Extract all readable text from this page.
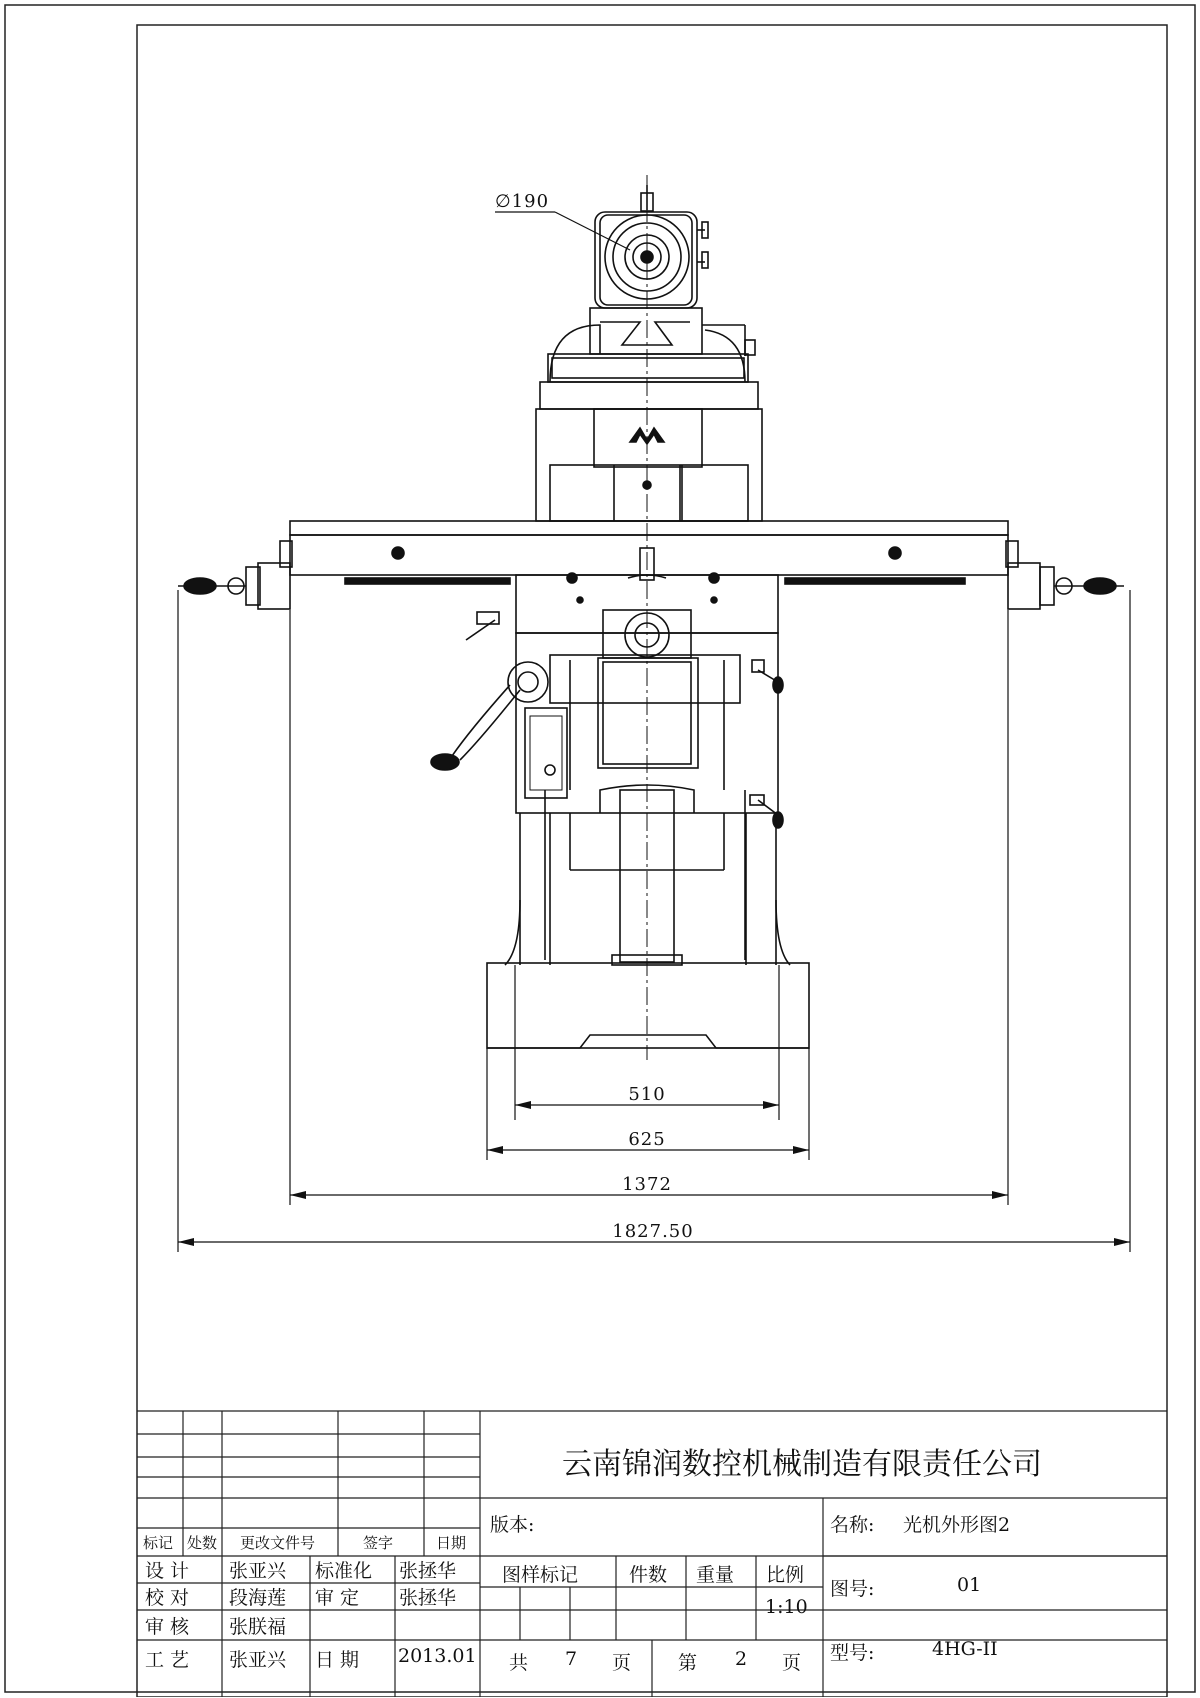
∅190
510
625
1372
1827.50
云南锦润数控机械制造有限责任公司
标记 处数 更改文件号	签字	日期
设 计 张亚兴 标准化 张拯华
校 对 段海莲 审 定 张拯华
审 核 张朕福
工 艺 张亚兴 日 期 2013.01
版本:
图样标记	件数 重量 比例
1:10
共 7 页 第 2 页
名称: 光机外形图2
图号:	01
型号:	4HG-II
